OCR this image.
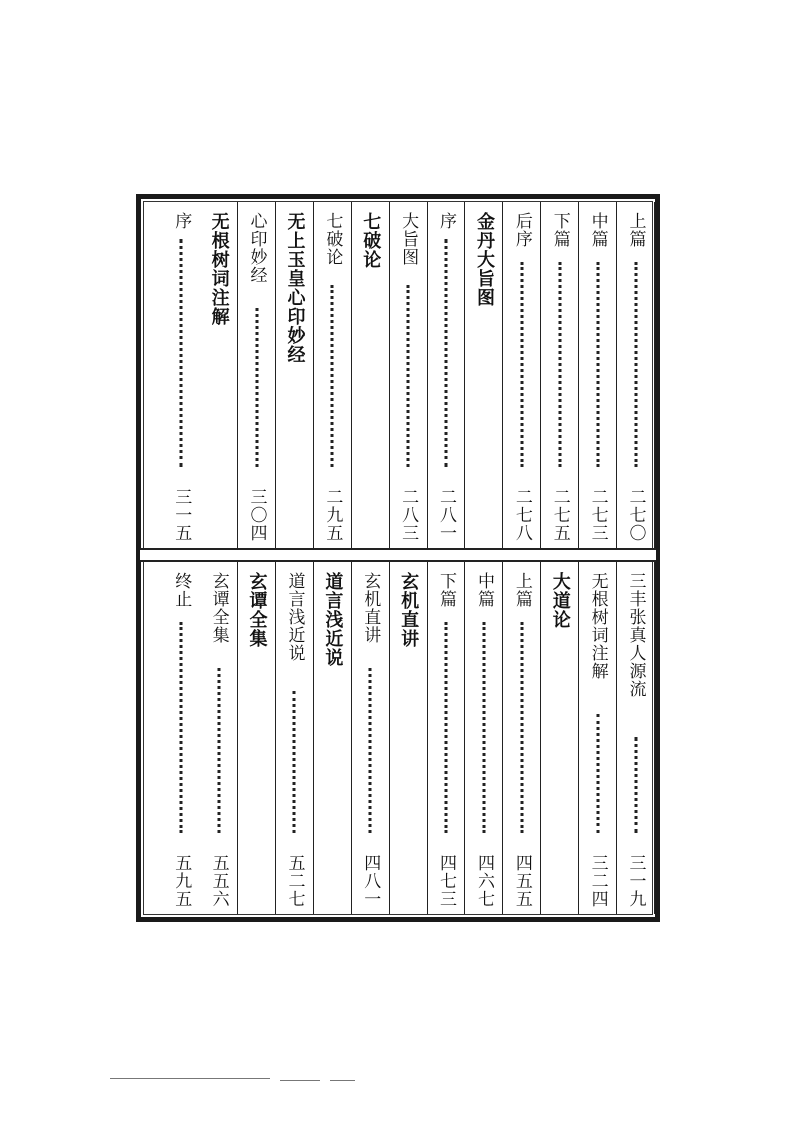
上篇
二七〇
中篇
二七三
下篇
二七五
后序
二七八
金丹大旨图
序
二八一
大旨图
二八三
七破论
七破论
二九五
无上玉皇心印妙经
心印妙经
三〇四
无根树词注解
序
三一五
三丰张真人源流
三一九
无根树词注解
三二四
大道论
上篇
四五五
中篇
四六七
下篇
四七三
玄机直讲
玄机直讲
四八一
道言浅近说
道言浅近说
五二七
玄谭全集
玄谭全集
五五六
终止
五九五
